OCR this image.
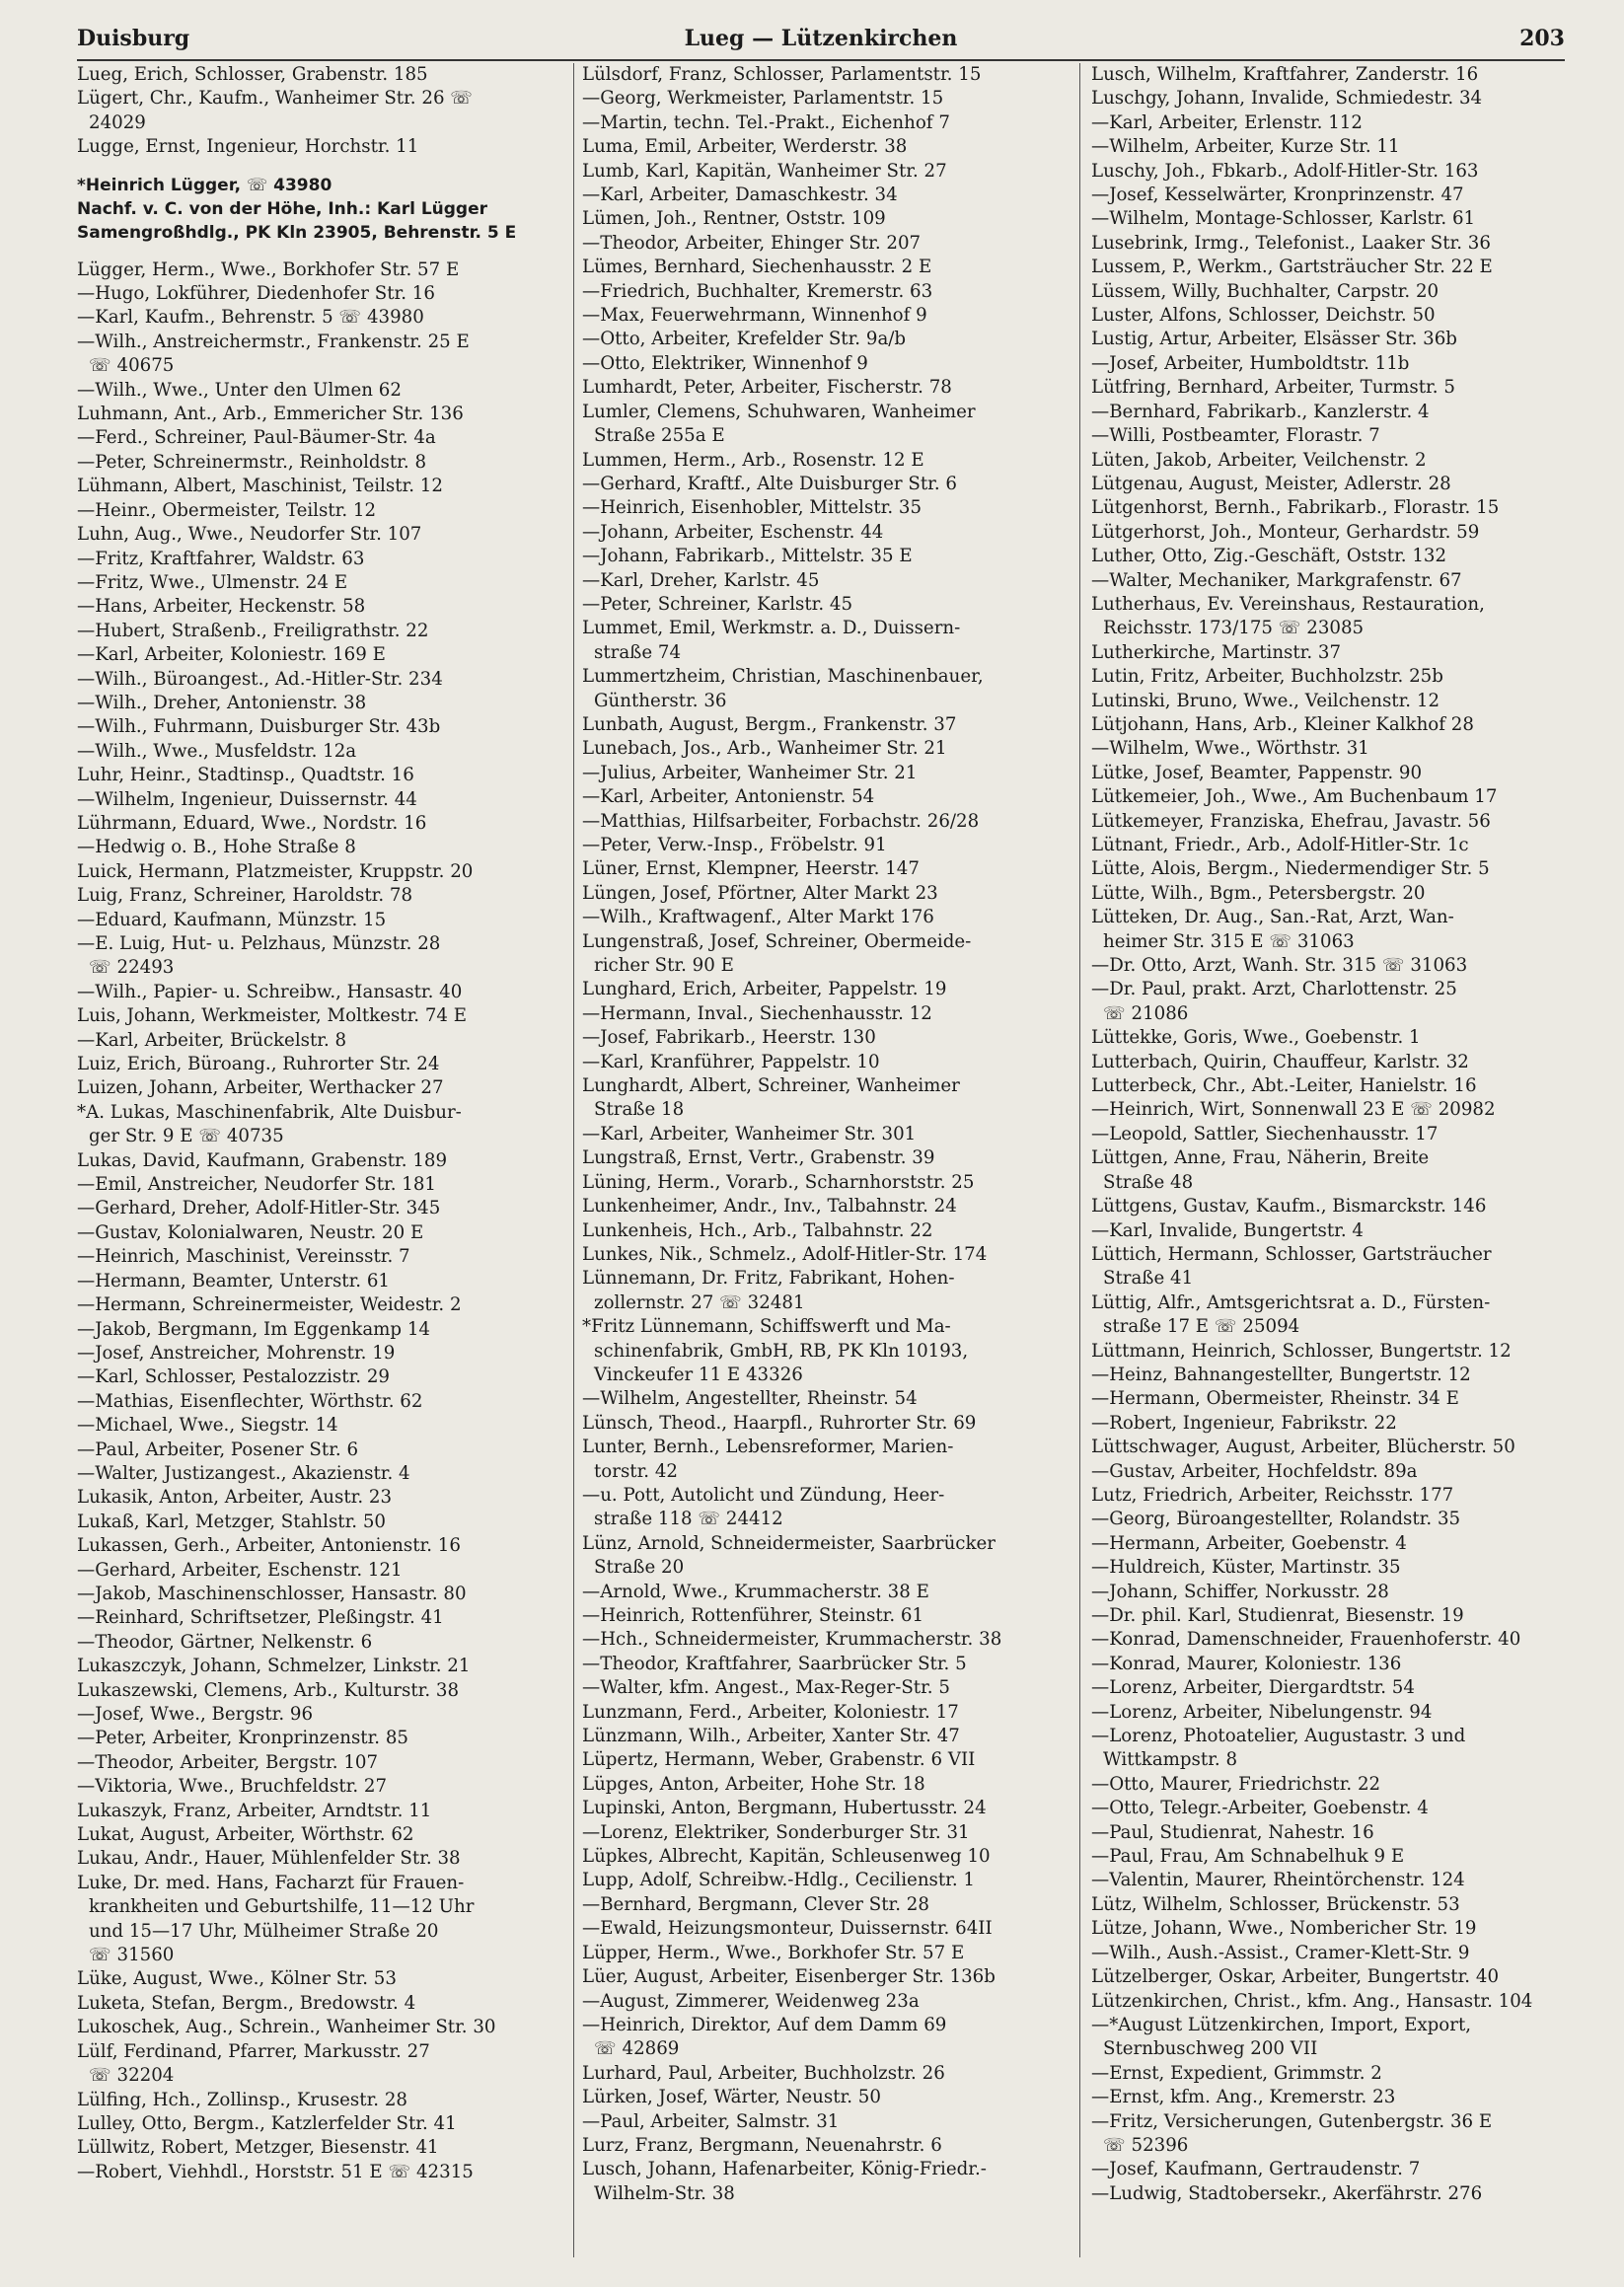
Duisburg	Lueg — Lützenkirchen	203
Lueg, Erich, Schlosser, Grabenstr. 185
Lügert, Chr., Kaufm., Wanheimer Str. 26 ☏
24029
Lugge, Ernst, Ingenieur, Horchstr. 11
*Heinrich Lügger, ☏ 43980
Nachf. v. C. von der Höhe, Inh.: Karl Lügger
Samengroßhdlg., PK Kln 23905, Behrenstr. 5 E
Lügger, Herm., Wwe., Borkhofer Str. 57 E
—Hugo, Lokführer, Diedenhofer Str. 16
—Karl, Kaufm., Behrenstr. 5 ☏ 43980
—Wilh., Anstreichermstr., Frankenstr. 25 E
☏ 40675
—Wilh., Wwe., Unter den Ulmen 62
Luhmann, Ant., Arb., Emmericher Str. 136
—Ferd., Schreiner, Paul-Bäumer-Str. 4a
—Peter, Schreinermstr., Reinholdstr. 8
Lühmann, Albert, Maschinist, Teilstr. 12
—Heinr., Obermeister, Teilstr. 12
Luhn, Aug., Wwe., Neudorfer Str. 107
—Fritz, Kraftfahrer, Waldstr. 63
—Fritz, Wwe., Ulmenstr. 24 E
—Hans, Arbeiter, Heckenstr. 58
—Hubert, Straßenb., Freiligrathstr. 22
—Karl, Arbeiter, Koloniestr. 169 E
—Wilh., Büroangest., Ad.-Hitler-Str. 234
—Wilh., Dreher, Antonienstr. 38
—Wilh., Fuhrmann, Duisburger Str. 43b
—Wilh., Wwe., Musfeldstr. 12a
Luhr, Heinr., Stadtinsp., Quadtstr. 16
—Wilhelm, Ingenieur, Duissernstr. 44
Lührmann, Eduard, Wwe., Nordstr. 16
—Hedwig o. B., Hohe Straße 8
Luick, Hermann, Platzmeister, Kruppstr. 20
Luig, Franz, Schreiner, Haroldstr. 78
—Eduard, Kaufmann, Münzstr. 15
—E. Luig, Hut- u. Pelzhaus, Münzstr. 28
☏ 22493
—Wilh., Papier- u. Schreibw., Hansastr. 40
Luis, Johann, Werkmeister, Moltkestr. 74 E
—Karl, Arbeiter, Brückelstr. 8
Luiz, Erich, Büroang., Ruhrorter Str. 24
Luizen, Johann, Arbeiter, Werthacker 27
*A. Lukas, Maschinenfabrik, Alte Duisbur-
ger Str. 9 E ☏ 40735
Lukas, David, Kaufmann, Grabenstr. 189
—Emil, Anstreicher, Neudorfer Str. 181
—Gerhard, Dreher, Adolf-Hitler-Str. 345
—Gustav, Kolonialwaren, Neustr. 20 E
—Heinrich, Maschinist, Vereinsstr. 7
—Hermann, Beamter, Unterstr. 61
—Hermann, Schreinermeister, Weidestr. 2
—Jakob, Bergmann, Im Eggenkamp 14
—Josef, Anstreicher, Mohrenstr. 19
—Karl, Schlosser, Pestalozzistr. 29
—Mathias, Eisenflechter, Wörthstr. 62
—Michael, Wwe., Siegstr. 14
—Paul, Arbeiter, Posener Str. 6
—Walter, Justizangest., Akazienstr. 4
Lukasik, Anton, Arbeiter, Austr. 23
Lukaß, Karl, Metzger, Stahlstr. 50
Lukassen, Gerh., Arbeiter, Antonienstr. 16
—Gerhard, Arbeiter, Eschenstr. 121
—Jakob, Maschinenschlosser, Hansastr. 80
—Reinhard, Schriftsetzer, Pleßingstr. 41
—Theodor, Gärtner, Nelkenstr. 6
Lukaszczyk, Johann, Schmelzer, Linkstr. 21
Lukaszewski, Clemens, Arb., Kulturstr. 38
—Josef, Wwe., Bergstr. 96
—Peter, Arbeiter, Kronprinzenstr. 85
—Theodor, Arbeiter, Bergstr. 107
—Viktoria, Wwe., Bruchfeldstr. 27
Lukaszyk, Franz, Arbeiter, Arndtstr. 11
Lukat, August, Arbeiter, Wörthstr. 62
Lukau, Andr., Hauer, Mühlenfelder Str. 38
Luke, Dr. med. Hans, Facharzt für Frauen-
krankheiten und Geburtshilfe, 11—12 Uhr
und 15—17 Uhr, Mülheimer Straße 20
☏ 31560
Lüke, August, Wwe., Kölner Str. 53
Luketa, Stefan, Bergm., Bredowstr. 4
Lukoschek, Aug., Schrein., Wanheimer Str. 30
Lülf, Ferdinand, Pfarrer, Markusstr. 27
☏ 32204
Lülfing, Hch., Zollinsp., Krusestr. 28
Lulley, Otto, Bergm., Katzlerfelder Str. 41
Lüllwitz, Robert, Metzger, Biesenstr. 41
—Robert, Viehhdl., Horststr. 51 E ☏ 42315
Lülsdorf, Franz, Schlosser, Parlamentstr. 15
—Georg, Werkmeister, Parlamentstr. 15
—Martin, techn. Tel.-Prakt., Eichenhof 7
Luma, Emil, Arbeiter, Werderstr. 38
Lumb, Karl, Kapitän, Wanheimer Str. 27
—Karl, Arbeiter, Damaschkestr. 34
Lümen, Joh., Rentner, Oststr. 109
—Theodor, Arbeiter, Ehinger Str. 207
Lümes, Bernhard, Siechenhausstr. 2 E
—Friedrich, Buchhalter, Kremerstr. 63
—Max, Feuerwehrmann, Winnenhof 9
—Otto, Arbeiter, Krefelder Str. 9a/b
—Otto, Elektriker, Winnenhof 9
Lumhardt, Peter, Arbeiter, Fischerstr. 78
Lumler, Clemens, Schuhwaren, Wanheimer
Straße 255a E
Lummen, Herm., Arb., Rosenstr. 12 E
—Gerhard, Kraftf., Alte Duisburger Str. 6
—Heinrich, Eisenhobler, Mittelstr. 35
—Johann, Arbeiter, Eschenstr. 44
—Johann, Fabrikarb., Mittelstr. 35 E
—Karl, Dreher, Karlstr. 45
—Peter, Schreiner, Karlstr. 45
Lummet, Emil, Werkmstr. a. D., Duissern-
straße 74
Lummertzheim, Christian, Maschinenbauer,
Güntherstr. 36
Lunbath, August, Bergm., Frankenstr. 37
Lunebach, Jos., Arb., Wanheimer Str. 21
—Julius, Arbeiter, Wanheimer Str. 21
—Karl, Arbeiter, Antonienstr. 54
—Matthias, Hilfsarbeiter, Forbachstr. 26/28
—Peter, Verw.-Insp., Fröbelstr. 91
Lüner, Ernst, Klempner, Heerstr. 147
Lüngen, Josef, Pförtner, Alter Markt 23
—Wilh., Kraftwagenf., Alter Markt 176
Lungenstraß, Josef, Schreiner, Obermeide-
richer Str. 90 E
Lunghard, Erich, Arbeiter, Pappelstr. 19
—Hermann, Inval., Siechenhausstr. 12
—Josef, Fabrikarb., Heerstr. 130
—Karl, Kranführer, Pappelstr. 10
Lunghardt, Albert, Schreiner, Wanheimer
Straße 18
—Karl, Arbeiter, Wanheimer Str. 301
Lungstraß, Ernst, Vertr., Grabenstr. 39
Lüning, Herm., Vorarb., Scharnhorststr. 25
Lunkenheimer, Andr., Inv., Talbahnstr. 24
Lunkenheis, Hch., Arb., Talbahnstr. 22
Lunkes, Nik., Schmelz., Adolf-Hitler-Str. 174
Lünnemann, Dr. Fritz, Fabrikant, Hohen-
zollernstr. 27 ☏ 32481
*Fritz Lünnemann, Schiffswerft und Ma-
schinenfabrik, GmbH, RB, PK Kln 10193,
Vinckeufer 11 E 43326
—Wilhelm, Angestellter, Rheinstr. 54
Lünsch, Theod., Haarpfl., Ruhrorter Str. 69
Lunter, Bernh., Lebensreformer, Marien-
torstr. 42
—u. Pott, Autolicht und Zündung, Heer-
straße 118 ☏ 24412
Lünz, Arnold, Schneidermeister, Saarbrücker
Straße 20
—Arnold, Wwe., Krummacherstr. 38 E
—Heinrich, Rottenführer, Steinstr. 61
—Hch., Schneidermeister, Krummacherstr. 38
—Theodor, Kraftfahrer, Saarbrücker Str. 5
—Walter, kfm. Angest., Max-Reger-Str. 5
Lunzmann, Ferd., Arbeiter, Koloniestr. 17
Lünzmann, Wilh., Arbeiter, Xanter Str. 47
Lüpertz, Hermann, Weber, Grabenstr. 6 VII
Lüpges, Anton, Arbeiter, Hohe Str. 18
Lupinski, Anton, Bergmann, Hubertusstr. 24
—Lorenz, Elektriker, Sonderburger Str. 31
Lüpkes, Albrecht, Kapitän, Schleusenweg 10
Lupp, Adolf, Schreibw.-Hdlg., Cecilienstr. 1
—Bernhard, Bergmann, Clever Str. 28
—Ewald, Heizungsmonteur, Duissernstr. 64II
Lüpper, Herm., Wwe., Borkhofer Str. 57 E
Lüer, August, Arbeiter, Eisenberger Str. 136b
—August, Zimmerer, Weidenweg 23a
—Heinrich, Direktor, Auf dem Damm 69
☏ 42869
Lurhard, Paul, Arbeiter, Buchholzstr. 26
Lürken, Josef, Wärter, Neustr. 50
—Paul, Arbeiter, Salmstr. 31
Lurz, Franz, Bergmann, Neuenahrstr. 6
Lusch, Johann, Hafenarbeiter, König-Friedr.-
Wilhelm-Str. 38
Lusch, Wilhelm, Kraftfahrer, Zanderstr. 16
Luschgy, Johann, Invalide, Schmiedestr. 34
—Karl, Arbeiter, Erlenstr. 112
—Wilhelm, Arbeiter, Kurze Str. 11
Luschy, Joh., Fbkarb., Adolf-Hitler-Str. 163
—Josef, Kesselwärter, Kronprinzenstr. 47
—Wilhelm, Montage-Schlosser, Karlstr. 61
Lusebrink, Irmg., Telefonist., Laaker Str. 36
Lussem, P., Werkm., Gartsträucher Str. 22 E
Lüssem, Willy, Buchhalter, Carpstr. 20
Luster, Alfons, Schlosser, Deichstr. 50
Lustig, Artur, Arbeiter, Elsässer Str. 36b
—Josef, Arbeiter, Humboldtstr. 11b
Lütfring, Bernhard, Arbeiter, Turmstr. 5
—Bernhard, Fabrikarb., Kanzlerstr. 4
—Willi, Postbeamter, Florastr. 7
Lüten, Jakob, Arbeiter, Veilchenstr. 2
Lütgenau, August, Meister, Adlerstr. 28
Lütgenhorst, Bernh., Fabrikarb., Florastr. 15
Lütgerhorst, Joh., Monteur, Gerhardstr. 59
Luther, Otto, Zig.-Geschäft, Oststr. 132
—Walter, Mechaniker, Markgrafenstr. 67
Lutherhaus, Ev. Vereinshaus, Restauration,
Reichsstr. 173/175 ☏ 23085
Lutherkirche, Martinstr. 37
Lutin, Fritz, Arbeiter, Buchholzstr. 25b
Lutinski, Bruno, Wwe., Veilchenstr. 12
Lütjohann, Hans, Arb., Kleiner Kalkhof 28
—Wilhelm, Wwe., Wörthstr. 31
Lütke, Josef, Beamter, Pappenstr. 90
Lütkemeier, Joh., Wwe., Am Buchenbaum 17
Lütkemeyer, Franziska, Ehefrau, Javastr. 56
Lütnant, Friedr., Arb., Adolf-Hitler-Str. 1c
Lütte, Alois, Bergm., Niedermendiger Str. 5
Lütte, Wilh., Bgm., Petersbergstr. 20
Lütteken, Dr. Aug., San.-Rat, Arzt, Wan-
heimer Str. 315 E ☏ 31063
—Dr. Otto, Arzt, Wanh. Str. 315 ☏ 31063
—Dr. Paul, prakt. Arzt, Charlottenstr. 25
☏ 21086
Lüttekke, Goris, Wwe., Goebenstr. 1
Lutterbach, Quirin, Chauffeur, Karlstr. 32
Lutterbeck, Chr., Abt.-Leiter, Hanielstr. 16
—Heinrich, Wirt, Sonnenwall 23 E ☏ 20982
—Leopold, Sattler, Siechenhausstr. 17
Lüttgen, Anne, Frau, Näherin, Breite
Straße 48
Lüttgens, Gustav, Kaufm., Bismarckstr. 146
—Karl, Invalide, Bungertstr. 4
Lüttich, Hermann, Schlosser, Gartsträucher
Straße 41
Lüttig, Alfr., Amtsgerichtsrat a. D., Fürsten-
straße 17 E ☏ 25094
Lüttmann, Heinrich, Schlosser, Bungertstr. 12
—Heinz, Bahnangestellter, Bungertstr. 12
—Hermann, Obermeister, Rheinstr. 34 E
—Robert, Ingenieur, Fabrikstr. 22
Lüttschwager, August, Arbeiter, Blücherstr. 50
—Gustav, Arbeiter, Hochfeldstr. 89a
Lutz, Friedrich, Arbeiter, Reichsstr. 177
—Georg, Büroangestellter, Rolandstr. 35
—Hermann, Arbeiter, Goebenstr. 4
—Huldreich, Küster, Martinstr. 35
—Johann, Schiffer, Norkusstr. 28
—Dr. phil. Karl, Studienrat, Biesenstr. 19
—Konrad, Damenschneider, Frauenhoferstr. 40
—Konrad, Maurer, Koloniestr. 136
—Lorenz, Arbeiter, Diergardtstr. 54
—Lorenz, Arbeiter, Nibelungenstr. 94
—Lorenz, Photoatelier, Augustastr. 3 und
Wittkampstr. 8
—Otto, Maurer, Friedrichstr. 22
—Otto, Telegr.-Arbeiter, Goebenstr. 4
—Paul, Studienrat, Nahestr. 16
—Paul, Frau, Am Schnabelhuk 9 E
—Valentin, Maurer, Rheintörchenstr. 124
Lütz, Wilhelm, Schlosser, Brückenstr. 53
Lütze, Johann, Wwe., Nombericher Str. 19
—Wilh., Aush.-Assist., Cramer-Klett-Str. 9
Lützelberger, Oskar, Arbeiter, Bungertstr. 40
Lützenkirchen, Christ., kfm. Ang., Hansastr. 104
—*August Lützenkirchen, Import, Export,
Sternbuschweg 200 VII
—Ernst, Expedient, Grimmstr. 2
—Ernst, kfm. Ang., Kremerstr. 23
—Fritz, Versicherungen, Gutenbergstr. 36 E
☏ 52396
—Josef, Kaufmann, Gertraudenstr. 7
—Ludwig, Stadtobersekr., Akerfährstr. 276
